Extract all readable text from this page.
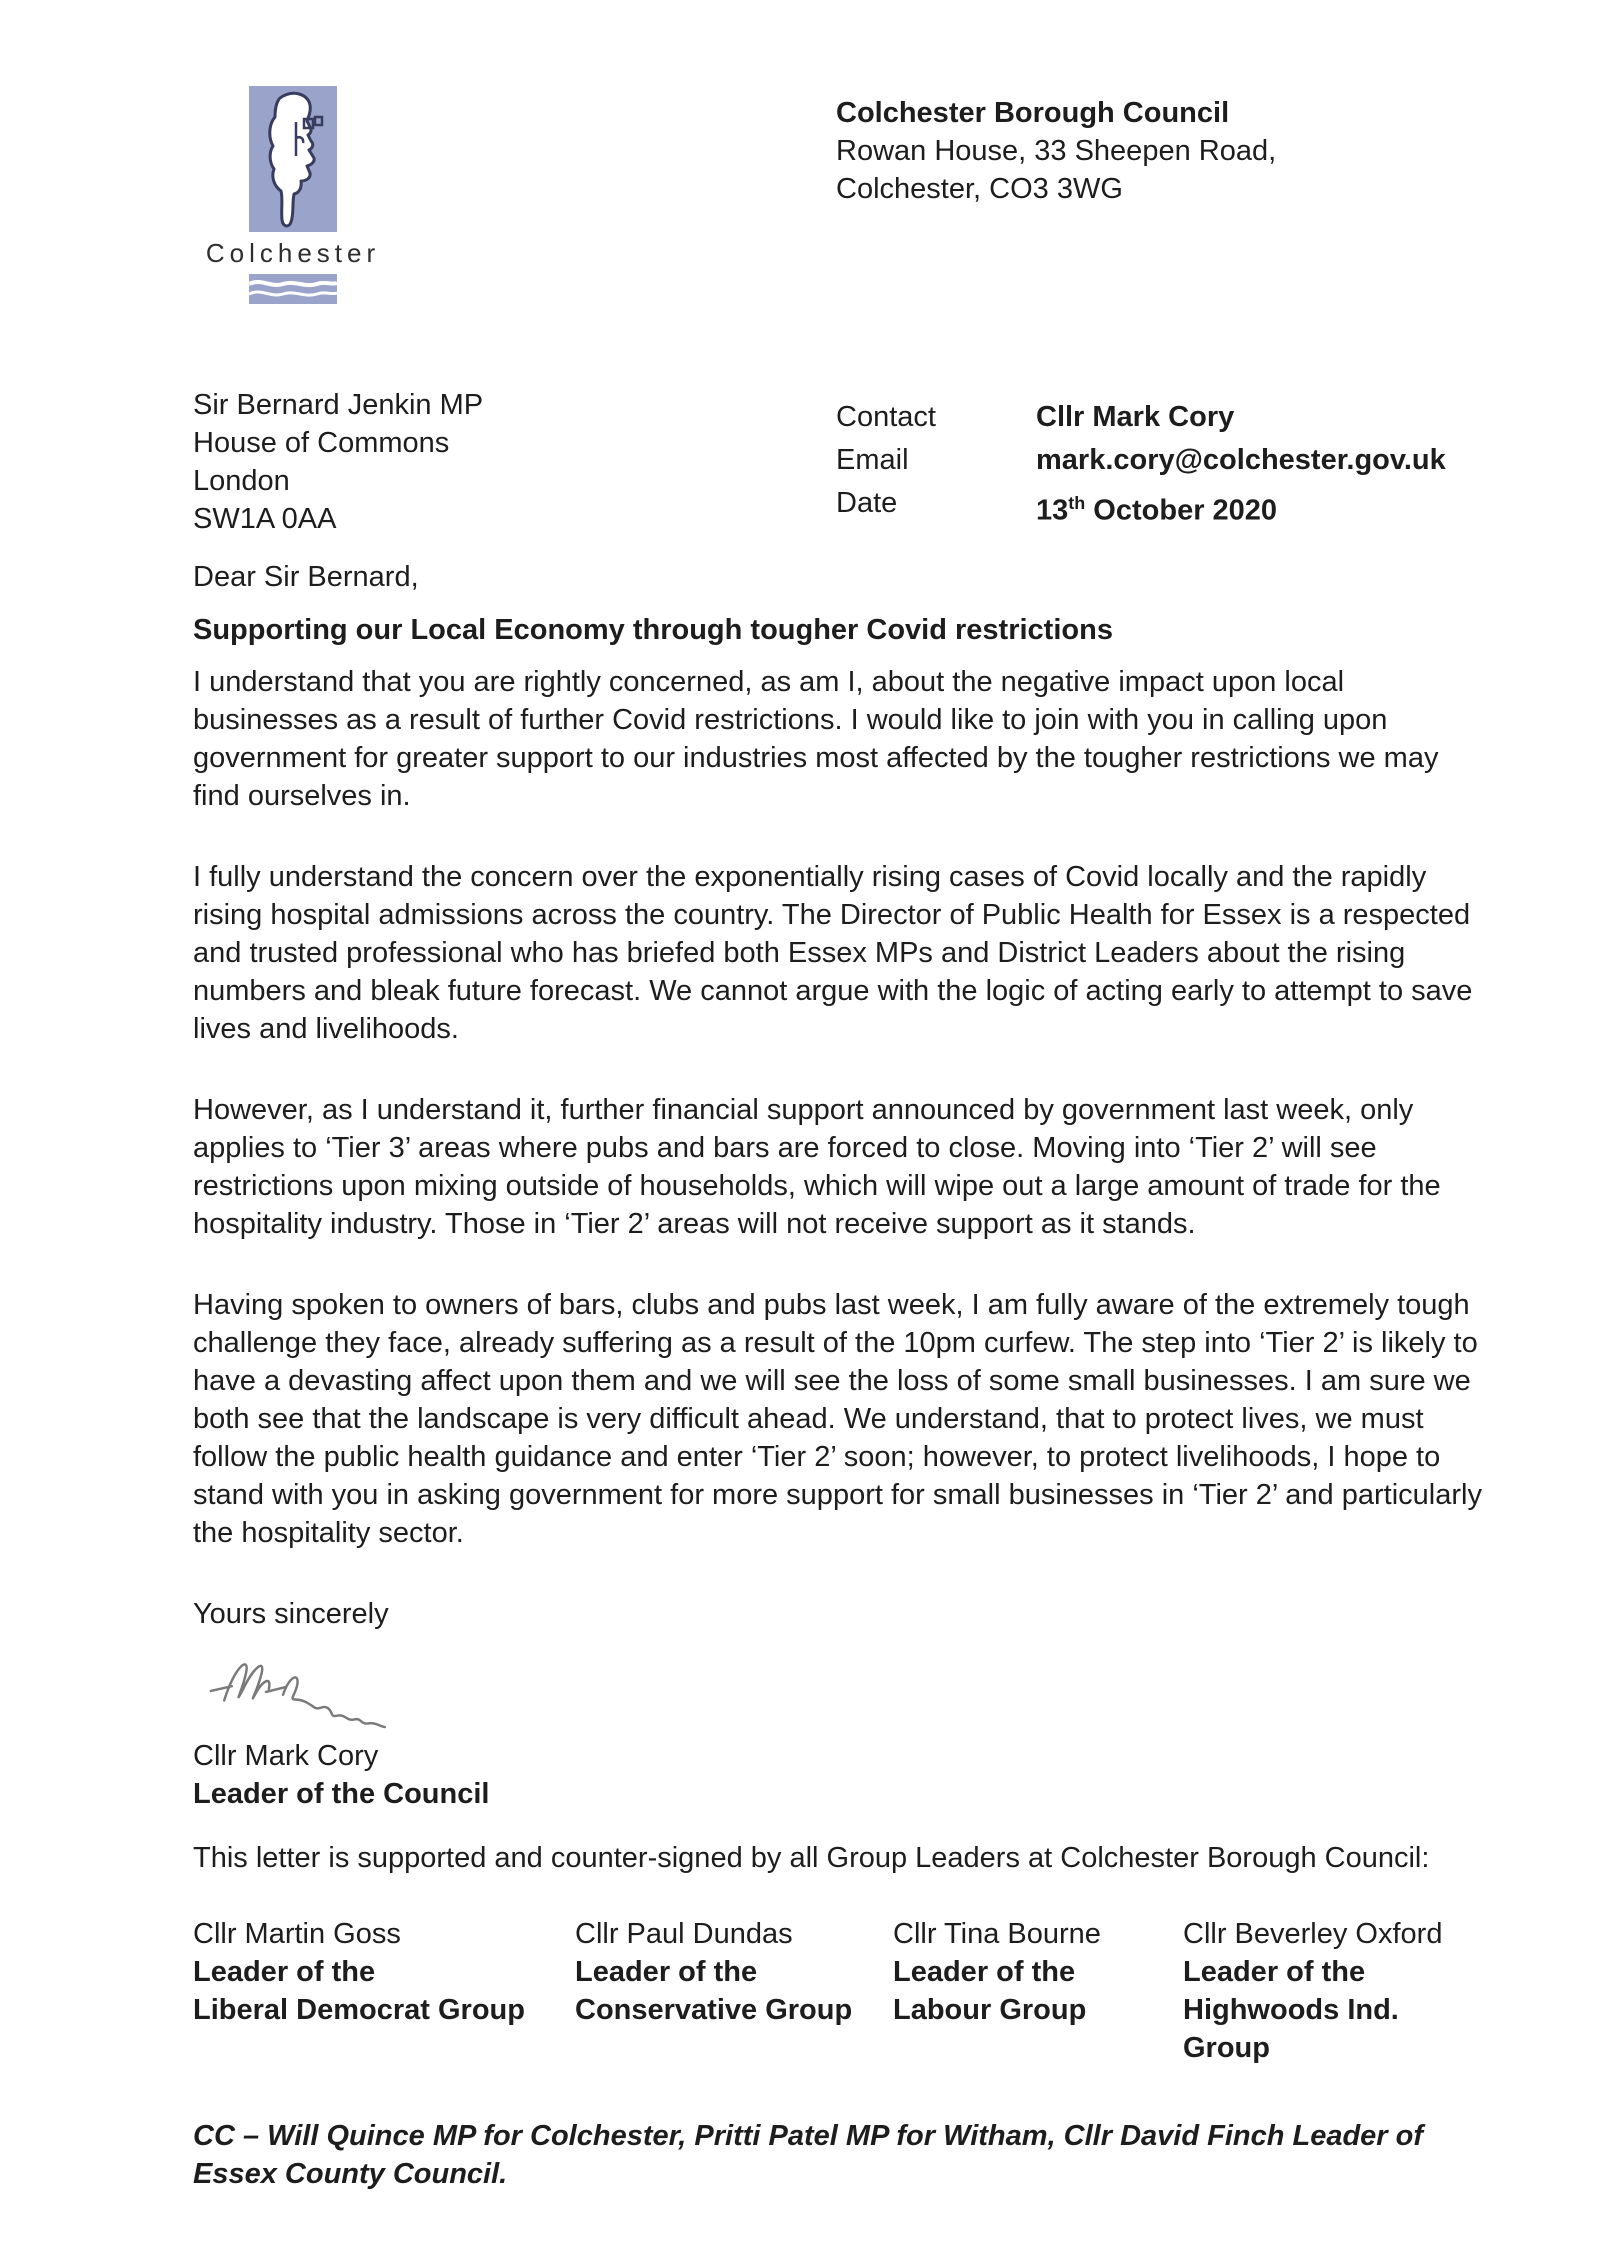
Colchester
Colchester Borough Council
Rowan House, 33 Sheepen Road,
Colchester, CO3 3WG
Sir Bernard Jenkin MP
House of Commons
London
SW1A 0AA
Contact	Cllr Mark Cory
Email	mark.cory@colchester.gov.uk
Date	13th October 2020

Dear Sir Bernard,

Supporting our Local Economy through tougher Covid restrictions

I understand that you are rightly concerned, as am I, about the negative impact upon local businesses as a result of further Covid restrictions. I would like to join with you in calling upon government for greater support to our industries most affected by the tougher restrictions we may find ourselves in.

I fully understand the concern over the exponentially rising cases of Covid locally and the rapidly rising hospital admissions across the country. The Director of Public Health for Essex is a respected and trusted professional who has briefed both Essex MPs and District Leaders about the rising numbers and bleak future forecast. We cannot argue with the logic of acting early to attempt to save lives and livelihoods.

However, as I understand it, further financial support announced by government last week, only applies to ‘Tier 3’ areas where pubs and bars are forced to close. Moving into ‘Tier 2’ will see restrictions upon mixing outside of households, which will wipe out a large amount of trade for the hospitality industry. Those in ‘Tier 2’ areas will not receive support as it stands.

Having spoken to owners of bars, clubs and pubs last week, I am fully aware of the extremely tough challenge they face, already suffering as a result of the 10pm curfew. The step into ‘Tier 2’ is likely to have a devasting affect upon them and we will see the loss of some small businesses. I am sure we both see that the landscape is very difficult ahead. We understand, that to protect lives, we must follow the public health guidance and enter ‘Tier 2’ soon; however, to protect livelihoods, I hope to stand with you in asking government for more support for small businesses in ‘Tier 2’ and particularly the hospitality sector.

Yours sincerely

Cllr Mark Cory

Leader of the Council

This letter is supported and counter-signed by all Group Leaders at Colchester Borough Council:
Cllr Martin Goss
Leader of the
Liberal Democrat Group
Cllr Paul Dundas
Leader of the
Conservative Group
Cllr Tina Bourne
Leader of the
Labour Group
Cllr Beverley Oxford
Leader of the
Highwoods Ind. Group
CC – Will Quince MP for Colchester, Pritti Patel MP for Witham, Cllr David Finch Leader of Essex County Council.
